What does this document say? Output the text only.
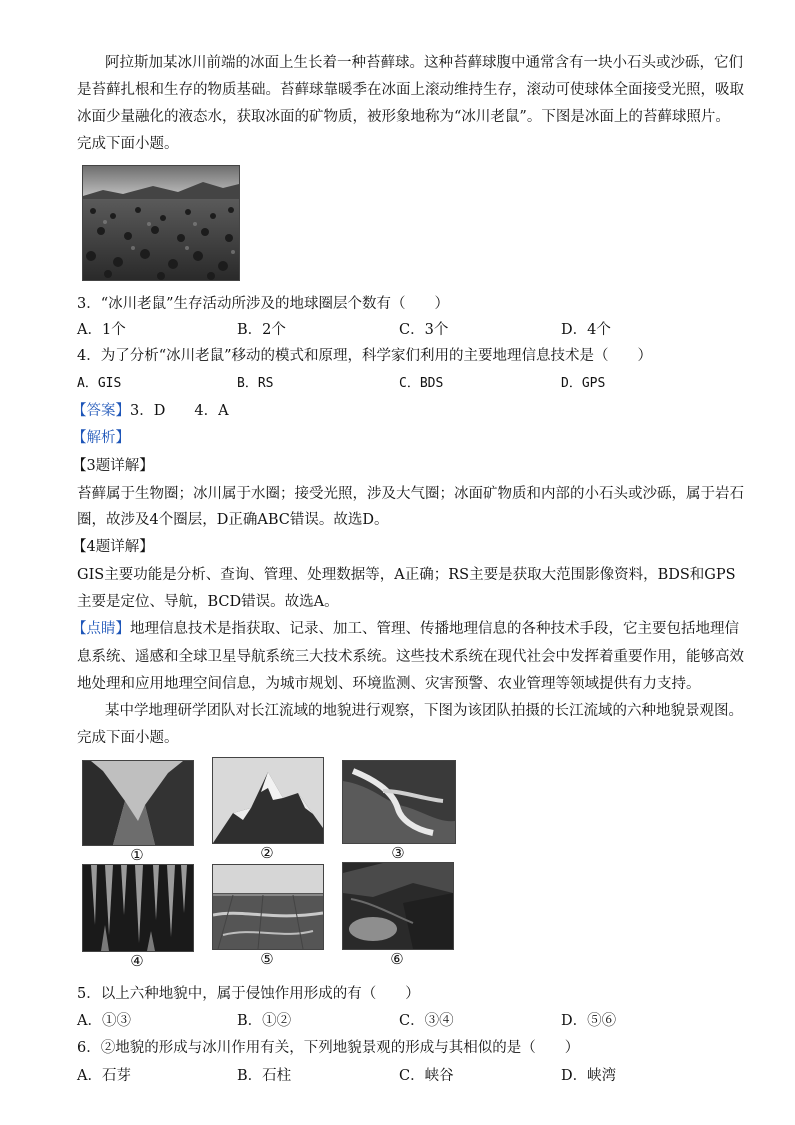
阿拉斯加某冰川前端的冰面上生长着一种苔藓球。这种苔藓球腹中通常含有一块小石头或沙砾，它们
是苔藓扎根和生存的物质基础。苔藓球靠暖季在冰面上滚动维持生存，滚动可使球体全面接受光照，吸取
冰面少量融化的液态水，获取冰面的矿物质，被形象地称为“冰川老鼠”。下图是冰面上的苔藓球照片。
完成下面小题。
3．“冰川老鼠”生存活动所涉及的地球圈层个数有（　　）
A．1个	B．2个	C．3个	D．4个
4．为了分析“冰川老鼠”移动的模式和原理，科学家们利用的主要地理信息技术是（　　）
A．GIS	B．RS	C．BDS	D．GPS
【答案】3．D　　4．A
【解析】
【3题详解】
苔藓属于生物圈；冰川属于水圈；接受光照，涉及大气圈；冰面矿物质和内部的小石头或沙砾，属于岩石
圈，故涉及4个圈层，D正确ABC错误。故选D。
【4题详解】
GIS主要功能是分析、查询、管理、处理数据等，A正确；RS主要是获取大范围影像资料，BDS和GPS
主要是定位、导航，BCD错误。故选A。
【点睛】地理信息技术是指获取、记录、加工、管理、传播地理信息的各种技术手段，它主要包括地理信
息系统、遥感和全球卫星导航系统三大技术系统。这些技术系统在现代社会中发挥着重要作用，能够高效
地处理和应用地理空间信息，为城市规划、环境监测、灾害预警、农业管理等领域提供有力支持。
某中学地理研学团队对长江流域的地貌进行观察，下图为该团队拍摄的长江流域的六种地貌景观图。
完成下面小题。
①	②	③
④	⑤	⑥
5．以上六种地貌中，属于侵蚀作用形成的有（　　）
A．①③	B．①②	C．③④	D．⑤⑥
6．②地貌的形成与冰川作用有关，下列地貌景观的形成与其相似的是（　　）
A．石芽	B．石柱	C．峡谷	D．峡湾
